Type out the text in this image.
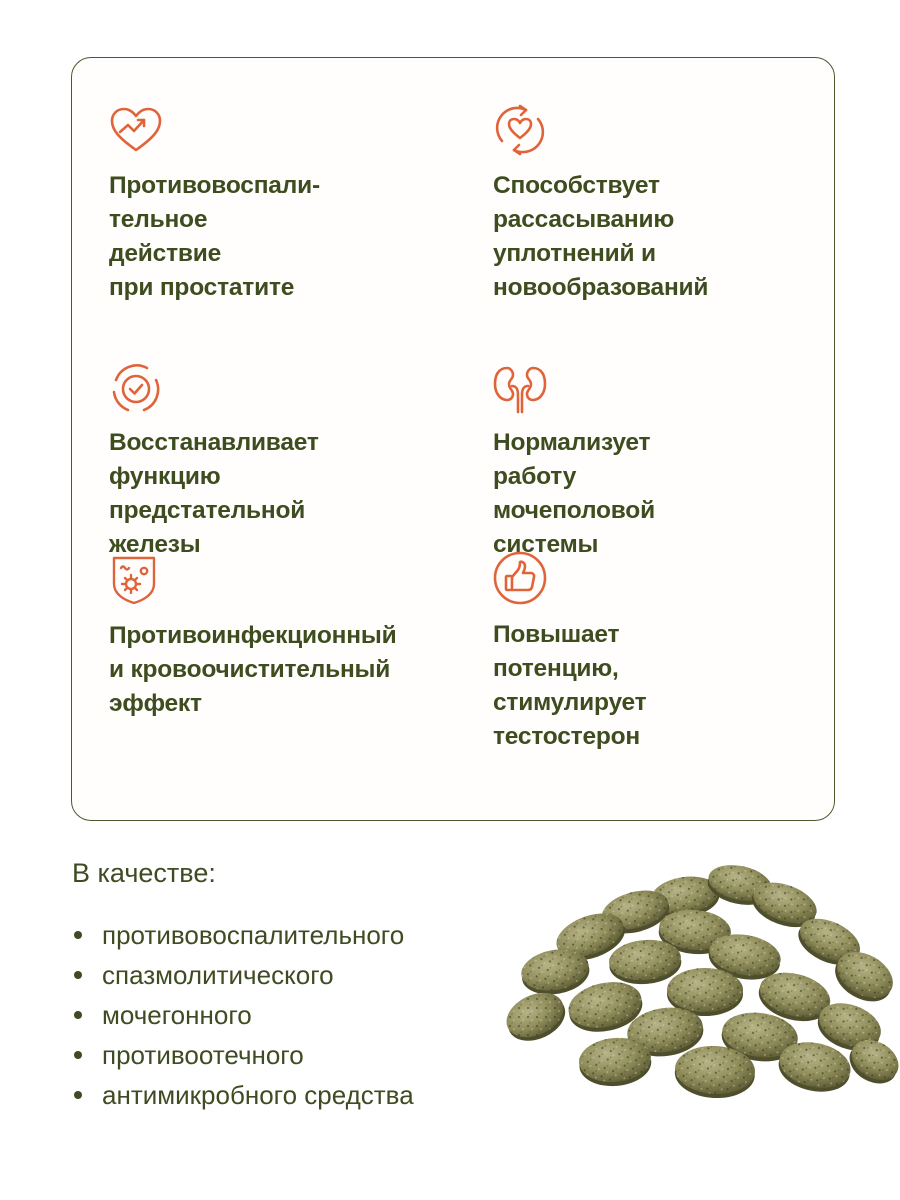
Противовоспали-
тельное действие
при простатите

Способствует
рассасыванию
уплотнений и
новообразований

Восстанавливает функцию
предстательной железы

Нормализует работу
мочеполовой системы

Противоинфекционный
и кровоочистительный
эффект

Повышает потенцию,
стимулирует
тестостерон

В качестве:

противовоспалительного
спазмолитического
мочегонного
противоотечного
антимикробного средства
